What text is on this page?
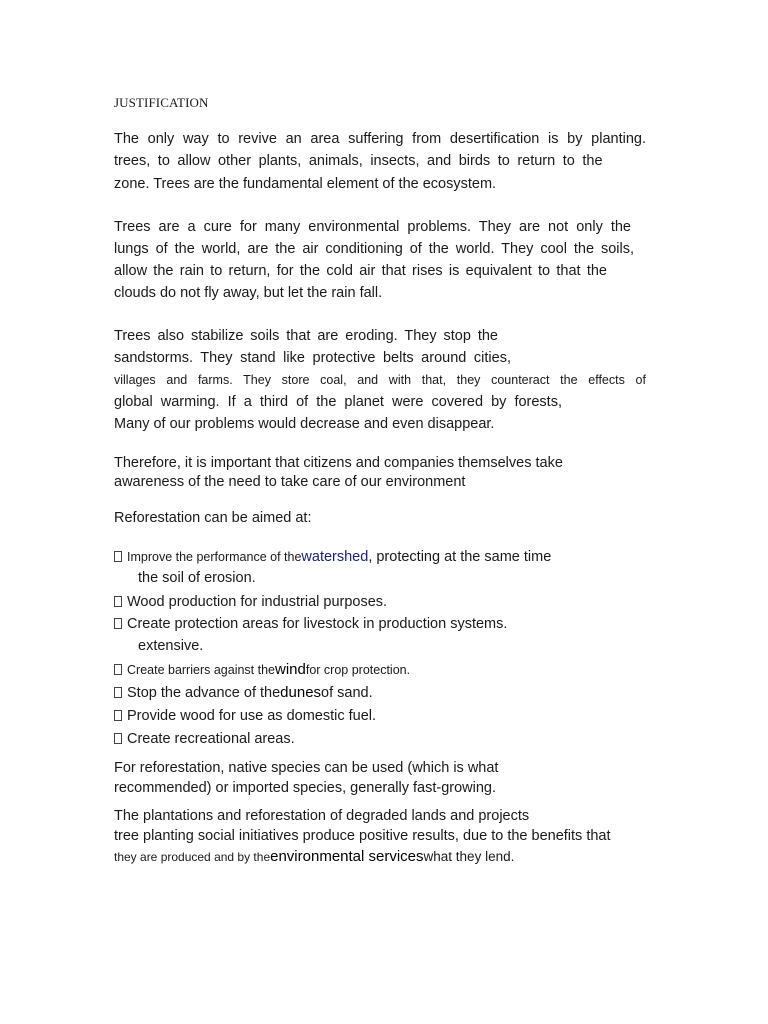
JUSTIFICATION
The only way to revive an area suffering from desertification is by planting.
trees, to allow other plants, animals, insects, and birds to return to the
zone. Trees are the fundamental element of the ecosystem.
Trees are a cure for many environmental problems. They are not only the
lungs of the world, are the air conditioning of the world. They cool the soils,
allow the rain to return, for the cold air that rises is equivalent to that the
clouds do not fly away, but let the rain fall.
Trees also stabilize soils that are eroding. They stop the
sandstorms. They stand like protective belts around cities,
villages and farms. They store coal, and with that, they counteract the effects of
global warming. If a third of the planet were covered by forests,
Many of our problems would decrease and even disappear.
Therefore, it is important that citizens and companies themselves take
awareness of the need to take care of our environment
Reforestation can be aimed at:
Improve the performance of thewatershed, protecting at the same time
the soil of erosion.
Wood production for industrial purposes.
Create protection areas for livestock in production systems.
extensive.
Create barriers against thewindfor crop protection.
Stop the advance of thedunesof sand.
Provide wood for use as domestic fuel.
Create recreational areas.
For reforestation, native species can be used (which is what
recommended) or imported species, generally fast-growing.
The plantations and reforestation of degraded lands and projects
tree planting social initiatives produce positive results, due to the benefits that
they are produced and by theenvironmental serviceswhat they lend.
